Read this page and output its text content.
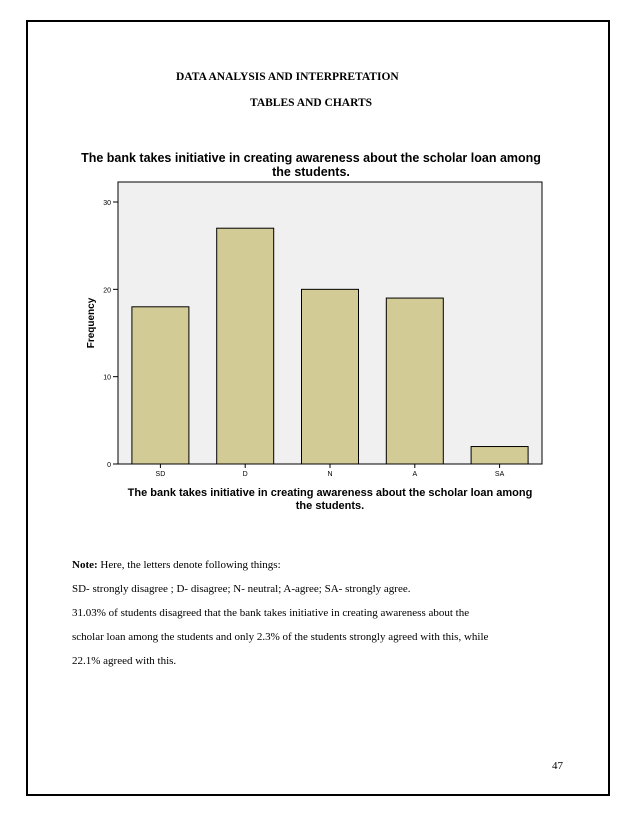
DATA ANALYSIS AND INTERPRETATION
TABLES AND CHARTS
The bank takes initiative in creating awareness about the scholar loan among the students.
0
10
20
30
Frequency
SD	D	N	A	SA
The bank takes initiative in creating awareness about the scholar loan among the students.

Note: Here, the letters denote following things:

SD- strongly disagree ; D- disagree; N- neutral; A-agree; SA- strongly agree.

31.03% of students disagreed that the bank takes initiative in creating awareness about the

scholar loan among the students and only 2.3% of the students strongly agreed with this, while

22.1% agreed with this.

47
